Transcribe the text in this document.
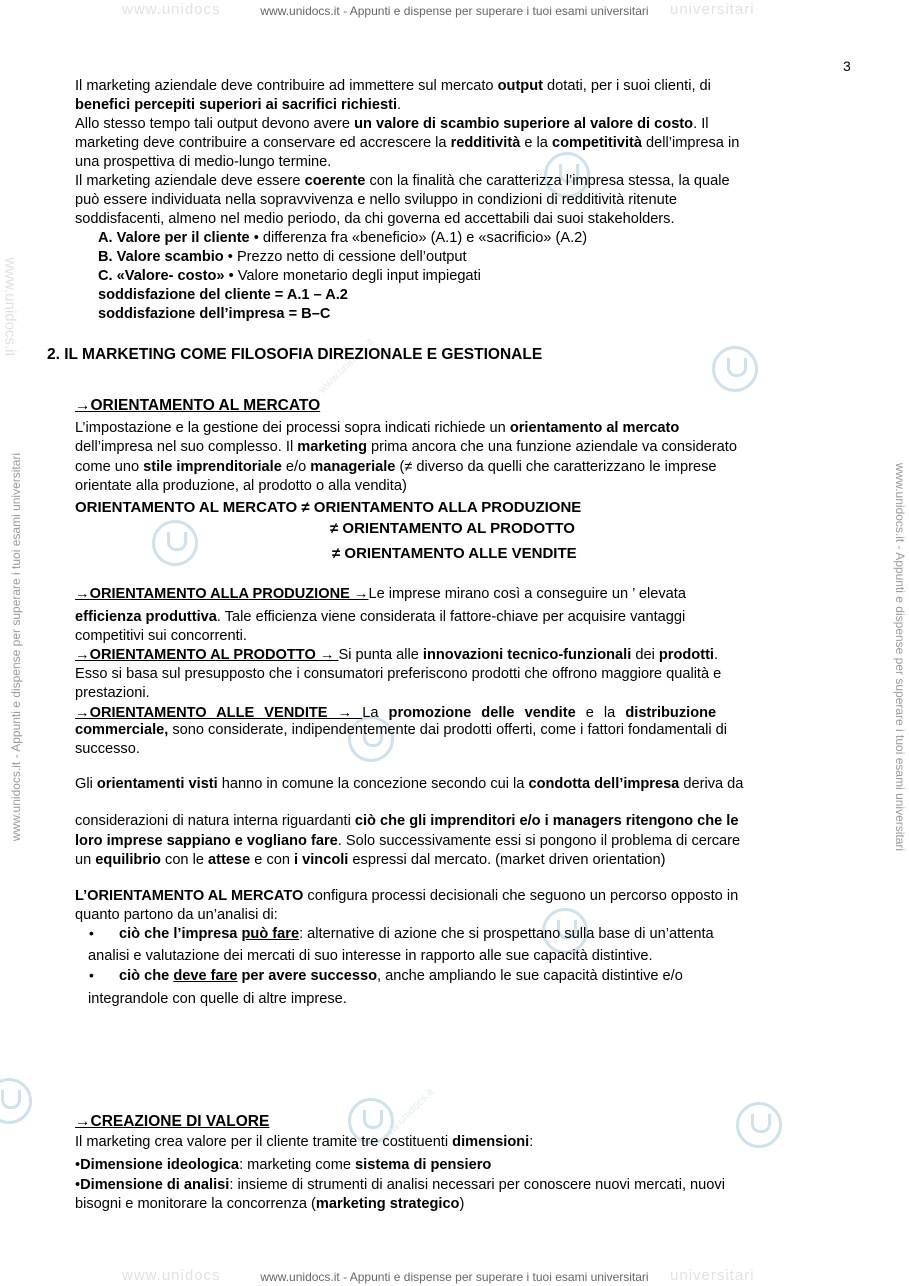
www.unidocs	www.unidocs.it - Appunti e dispense per superare i tuoi esami universitari universitari
3
www.unidocs.it - Appunti e dispense per superare i tuoi esami universitari	www.unidocs.it - Appunti e dispense per superare i tuoi esami universitari
www.unidocs.it
www.unidocs.it
www.unidocs.it
Il marketing aziendale deve contribuire ad immettere sul mercato output dotati, per i suoi clienti, di
benefici percepiti superiori ai sacrifici richiesti.
Allo stesso tempo tali output devono avere un valore di scambio superiore al valore di costo. Il
marketing deve contribuire a conservare ed accrescere la redditività e la competitività dell’impresa in
una prospettiva di medio-lungo termine.
Il marketing aziendale deve essere coerente con la finalità che caratterizza l’impresa stessa, la quale
può essere individuata nella sopravvivenza e nello sviluppo in condizioni di redditività ritenute
soddisfacenti, almeno nel medio periodo, da chi governa ed accettabili dai suoi stakeholders.
A. Valore per il cliente • differenza fra «beneficio» (A.1) e «sacrificio» (A.2)
B. Valore scambio • Prezzo netto di cessione dell’output
C. «Valore- costo» • Valore monetario degli input impiegati
soddisfazione del cliente = A.1 – A.2
soddisfazione dell’impresa = B–C
2. IL MARKETING COME FILOSOFIA DIREZIONALE E GESTIONALE
→ORIENTAMENTO AL MERCATO
L’impostazione e la gestione dei processi sopra indicati richiede un orientamento al mercato
dell’impresa nel suo complesso. Il marketing prima ancora che una funzione aziendale va considerato
come uno stile imprenditoriale e/o manageriale (≠ diverso da quelli che caratterizzano le imprese
orientate alla produzione, al prodotto o alla vendita)
ORIENTAMENTO AL MERCATO ≠ ORIENTAMENTO ALLA PRODUZIONE
≠ ORIENTAMENTO AL PRODOTTO
≠ ORIENTAMENTO ALLE VENDITE
→ORIENTAMENTO ALLA PRODUZIONE →Le imprese mirano così a conseguire un ’ elevata
efficienza produttiva. Tale efficienza viene considerata il fattore-chiave per acquisire vantaggi
competitivi sui concorrenti.
→ORIENTAMENTO AL PRODOTTO → Si punta alle innovazioni tecnico-funzionali dei prodotti.
Esso si basa sul presupposto che i consumatori preferiscono prodotti che offrono maggiore qualità e
prestazioni.
→ORIENTAMENTO ALLE VENDITE → La promozione delle vendite e la distribuzione
commerciale, sono considerate, indipendentemente dai prodotti offerti, come i fattori fondamentali di
successo.
Gli orientamenti visti hanno in comune la concezione secondo cui la condotta dell’impresa deriva da
considerazioni di natura interna riguardanti ciò che gli imprenditori e/o i managers ritengono che le
loro imprese sappiano e vogliano fare. Solo successivamente essi si pongono il problema di cercare
un equilibrio con le attese e con i vincoli espressi dal mercato. (market driven orientation)
L’ORIENTAMENTO AL MERCATO configura processi decisionali che seguono un percorso opposto in
quanto partono da un’analisi di:
• ciò che l’impresa può fare: alternative di azione che si prospettano sulla base di un’attenta
analisi e valutazione dei mercati di suo interesse in rapporto alle sue capacità distintive.
• ciò che deve fare per avere successo, anche ampliando le sue capacità distintive e/o
integrandole con quelle di altre imprese.
→CREAZIONE DI VALORE
Il marketing crea valore per il cliente tramite tre costituenti dimensioni:
•Dimensione ideologica: marketing come sistema di pensiero
•Dimensione di analisi: insieme di strumenti di analisi necessari per conoscere nuovi mercati, nuovi
bisogni e monitorare la concorrenza (marketing strategico)
www.unidocs	www.unidocs.it - Appunti e dispense per superare i tuoi esami universitari universitari
